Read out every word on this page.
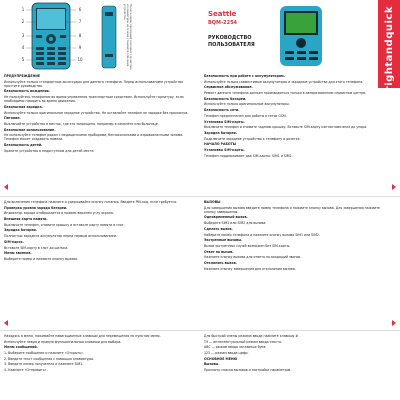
1
2
3
4
5
6
7
8
9
10	На весь экран пропорций сенсорного монитора и клавиатуры на основе стандарта описания устройства	Seattle
BQM-2254
РУКОВОДСТВО
ПОЛЬЗОВАТЕЛЯ	brightandquick

ПРЕДУПРЕЖДЕНИЕ

Используйте только стандартные аксессуары для данного телефона. Перед использованием устройства прочтите руководство.

Безопасность вождения.

Не пользуйтесь телефоном во время управления транспортным средством. Используйте гарнитуру, если необходимо говорить во время движения.

Безопасная зарядка.

Используйте только оригинальное зарядное устройство. Не оставляйте телефон на зарядке без присмотра.

Питание.

Выключайте устройство в местах, где это запрещено, например в самолёте или больнице.

Безопасное использование.

Не используйте телефон рядом с медицинскими приборами, бензоколонками и взрывоопасными зонами. Телефон может создавать помехи.

Безопасность детей.

Храните устройство в недоступном для детей месте.

Безопасность при работе с аккумулятором.

Используйте только совместимые аккумуляторы и зарядные устройства для этого телефона.

Сервисное обслуживание.

Ремонт данного телефона должен производиться только в авторизованном сервисном центре.

Безопасность батареи.

Используйте только оригинальные аккумуляторы.

Безопасность сети.

Телефон предназначен для работы в сетях GSM.

Установка SIM-карты.

Выключите телефон и снимите заднюю крышку. Вставьте SIM-карту контактами вниз до упора.

Зарядка батареи.

Подключите зарядное устройство к телефону и розетке.

НАЧАЛО РАБОТЫ

Установка SIM-карты.

Телефон поддерживает две SIM-карты: SIM1 и SIM2.

Для включения телефона нажмите и удерживайте кнопку питания. Введите PIN-код, если требуется.

Проверка уровня заряда батареи.

Индикатор заряда отображается в правом верхнем углу экрана.

Внешняя карта памяти.

Выключите телефон, снимите крышку и вставьте карту памяти в слот.

Зарядка батареи.

Полностью зарядите аккумулятор перед первым использованием.

SIM-карта.

Вставьте SIM-карту в слот до щелчка.

Меню звонков.

Выберите номер и нажмите кнопку вызова.

ВЫЗОВЫ

Для совершения вызова введите номер телефона и нажмите кнопку вызова. Для завершения нажмите кнопку завершения.

Одновременный вызов.

Выберите SIM1 или SIM2 для вызова.

Сделать вызов.

Наберите номер телефона и нажмите кнопку вызова SIM1 или SIM2.

Экстренные вызовы.

Вызов экстренных служб возможен без SIM-карты.

Ответ на вызов.

Нажмите кнопку вызова для ответа на входящий звонок.

Отклонить вызов.

Нажмите кнопку завершения для отклонения вызова.

Находясь в меню, нажимайте навигационные клавиши для перемещения по пунктам меню.

Используйте левую и правую функциональные клавиши для выбора.

Меню сообщений.

1. Выберите сообщение и нажмите «Открыть».

2. Введите текст сообщения с помощью клавиатуры.

3. Введите номер получателя и нажмите SIM1.

4. Нажмите «Отправить».

Для быстрой смены режима ввода нажмите клавишу #.

T9 — интеллектуальный режим ввода текста.

ABC — режим ввода заглавных букв.

123 — режим ввода цифр.

ОСНОВНОЕ МЕНЮ

Вызовы.

Просмотр списка вызовов и настройка параметров.
